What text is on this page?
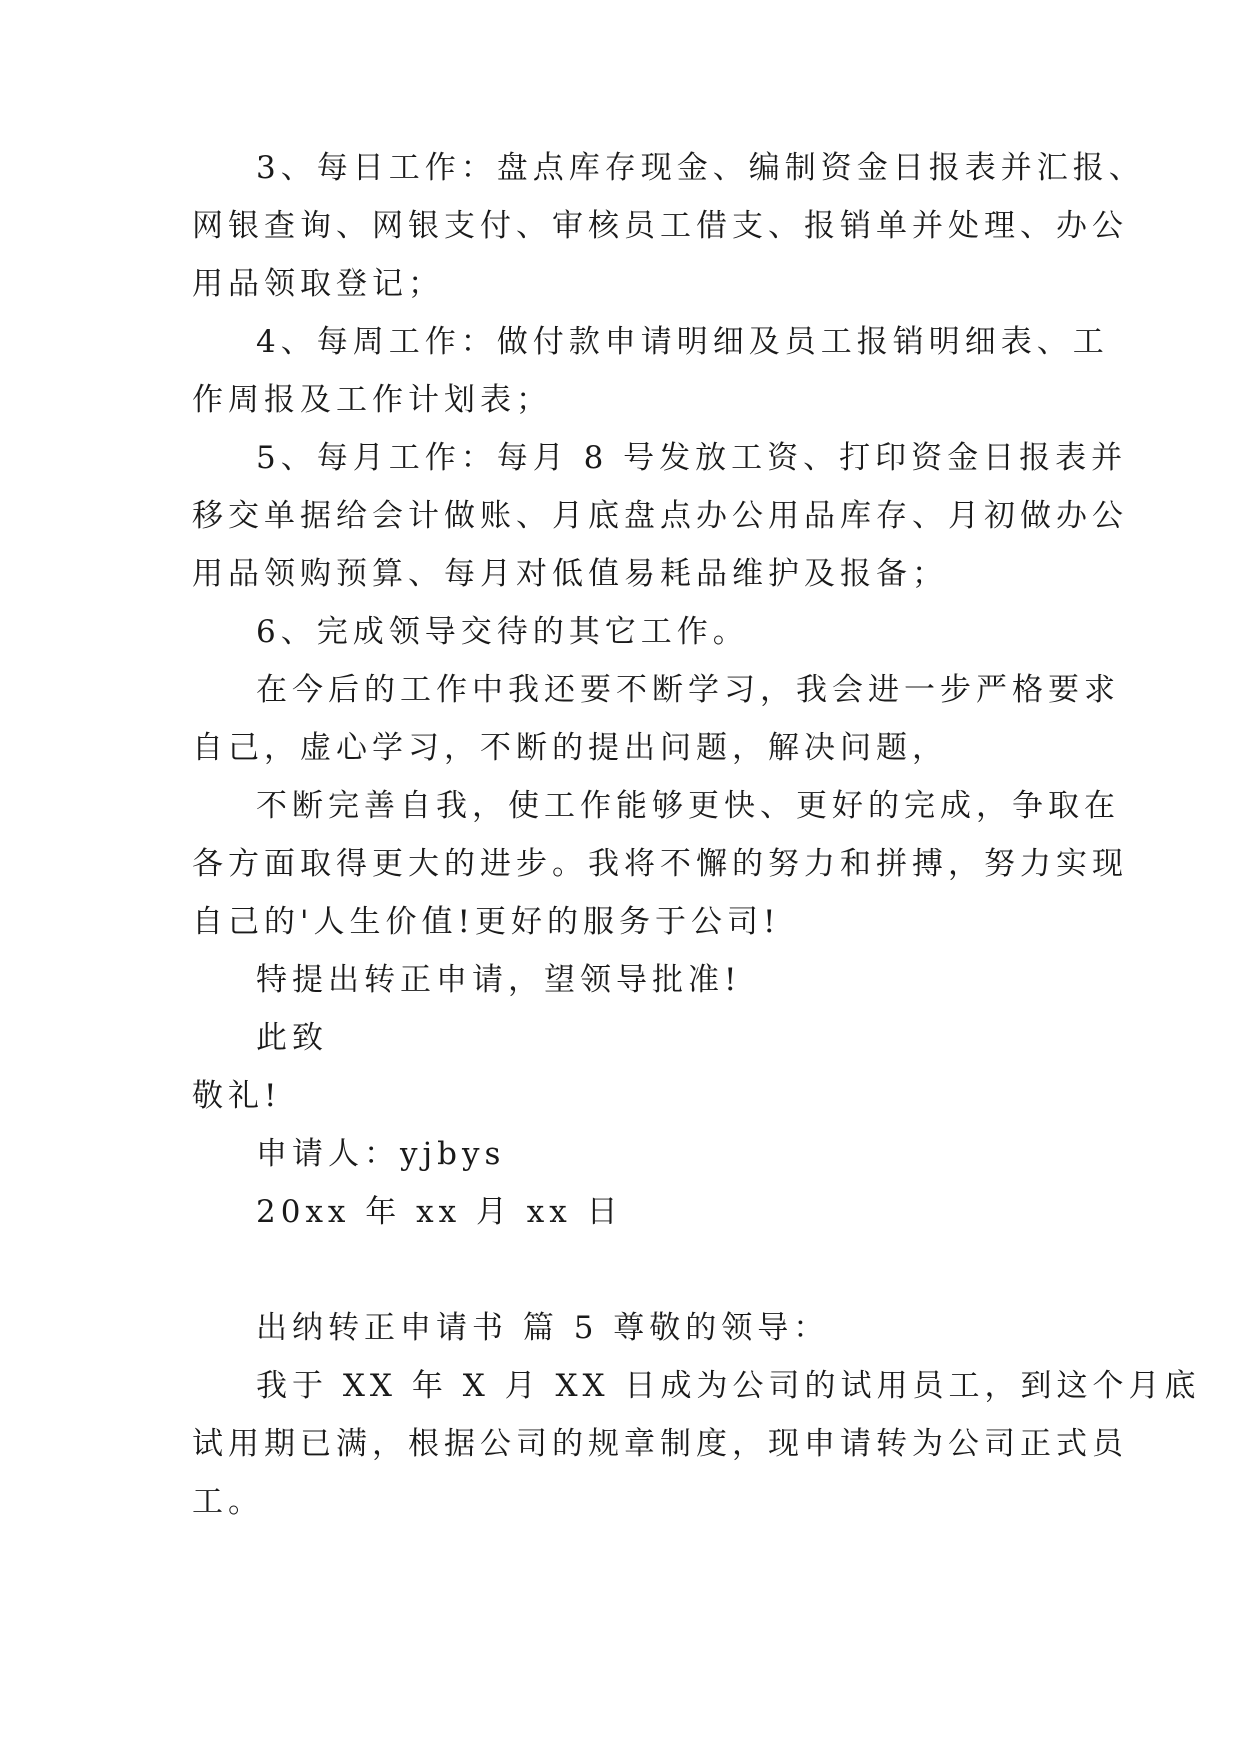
3、每日工作：盘点库存现金、编制资金日报表并汇报、

网银查询、网银支付、审核员工借支、报销单并处理、办公

用品领取登记；

4、每周工作：做付款申请明细及员工报销明细表、工

作周报及工作计划表；

5、每月工作：每月 8 号发放工资、打印资金日报表并

移交单据给会计做账、月底盘点办公用品库存、月初做办公

用品领购预算、每月对低值易耗品维护及报备；

6、完成领导交待的其它工作。

在今后的工作中我还要不断学习，我会进一步严格要求

自己，虚心学习，不断的提出问题，解决问题，

不断完善自我，使工作能够更快、更好的完成，争取在

各方面取得更大的进步。我将不懈的努力和拼搏，努力实现

自己的'人生价值!更好的服务于公司!

特提出转正申请，望领导批准!

此致

敬礼!

申请人：yjbys

20xx 年 xx 月 xx 日

出纳转正申请书 篇 5 尊敬的领导：

我于 XX 年 X 月 XX 日成为公司的试用员工，到这个月底

试用期已满，根据公司的规章制度，现申请转为公司正式员

工。
